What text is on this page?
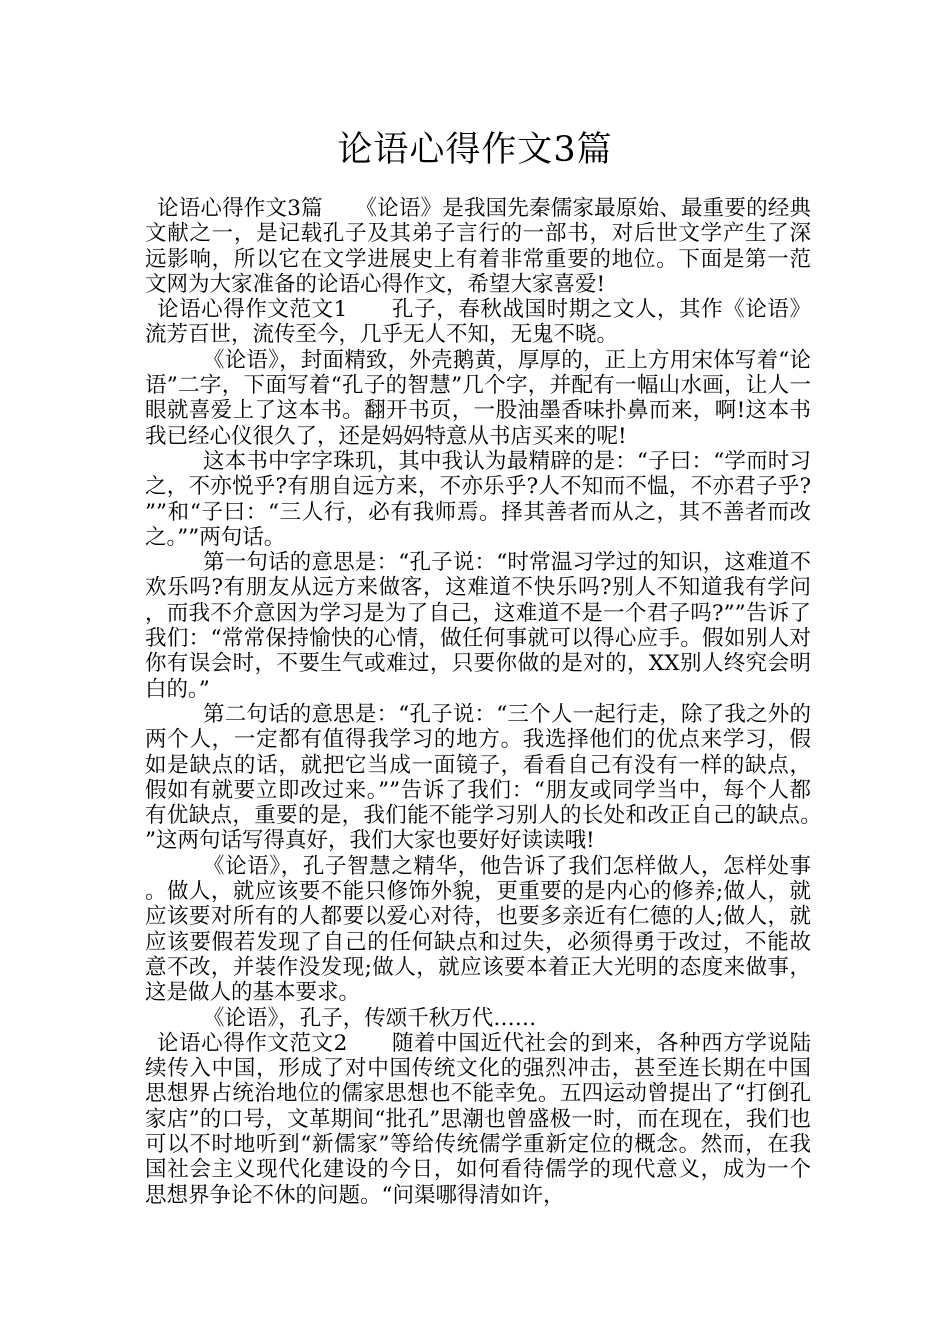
论语心得作文3篇

论语心得作文3篇　　《论语》是我国先秦儒家最原始、最重要的经典文献之一，是记载孔子及其弟子言行的一部书，对后世文学产生了深远影响，所以它在文学进展史上有着非常重要的地位。下面是第一范文网为大家准备的论语心得作文，希望大家喜爱!

论语心得作文范文1　　孔子，春秋战国时期之文人，其作《论语》流芳百世，流传至今，几乎无人不知，无鬼不晓。

《论语》，封面精致，外壳鹅黄，厚厚的，正上方用宋体写着“论语”二字，下面写着“孔子的智慧”几个字，并配有一幅山水画，让人一眼就喜爱上了这本书。翻开书页，一股油墨香味扑鼻而来，啊!这本书我已经心仪很久了，还是妈妈特意从书店买来的呢!

这本书中字字珠玑，其中我认为最精辟的是：“子曰：“学而时习之，不亦悦乎?有朋自远方来，不亦乐乎?人不知而不愠，不亦君子乎?””和“子曰：“三人行，必有我师焉。择其善者而从之，其不善者而改之。””两句话。

第一句话的意思是：“孔子说：“时常温习学过的知识，这难道不欢乐吗?有朋友从远方来做客，这难道不快乐吗?别人不知道我有学问，而我不介意因为学习是为了自己，这难道不是一个君子吗?””告诉了我们：“常常保持愉快的心情，做任何事就可以得心应手。假如别人对你有误会时，不要生气或难过，只要你做的是对的，XX别人终究会明白的。”

第二句话的意思是：“孔子说：“三个人一起行走，除了我之外的两个人，一定都有值得我学习的地方。我选择他们的优点来学习，假如是缺点的话，就把它当成一面镜子，看看自己有没有一样的缺点，假如有就要立即改过来。””告诉了我们：“朋友或同学当中，每个人都有优缺点，重要的是，我们能不能学习别人的长处和改正自己的缺点。”这两句话写得真好，我们大家也要好好读读哦!

《论语》，孔子智慧之精华，他告诉了我们怎样做人，怎样处事。做人，就应该要不能只修饰外貌，更重要的是内心的修养;做人，就应该要对所有的人都要以爱心对待，也要多亲近有仁德的人;做人，就应该要假若发现了自己的任何缺点和过失，必须得勇于改过，不能故意不改，并装作没发现;做人，就应该要本着正大光明的态度来做事，这是做人的基本要求。

《论语》，孔子，传颂千秋万代……

论语心得作文范文2　　随着中国近代社会的到来，各种西方学说陆续传入中国，形成了对中国传统文化的强烈冲击，甚至连长期在中国思想界占统治地位的儒家思想也不能幸免。五四运动曾提出了“打倒孔家店”的口号，文革期间“批孔”思潮也曾盛极一时，而在现在，我们也可以不时地听到“新儒家”等给传统儒学重新定位的概念。然而，在我国社会主义现代化建设的今日，如何看待儒学的现代意义，成为一个思想界争论不休的问题。“问渠哪得清如许，
